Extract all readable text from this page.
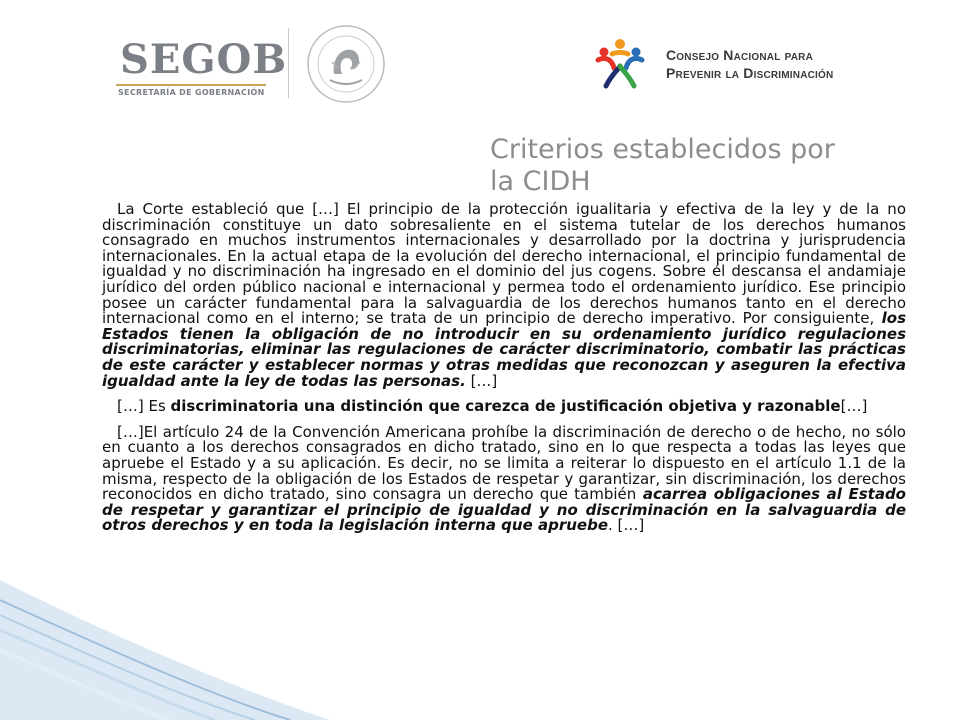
SEGOB
SECRETARÍA DE GOBERNACIÓN
Consejo Nacional para
Prevenir la Discriminación
Criterios establecidos por
la CIDH

La Corte estableció que […] El principio de la protección igualitaria y efectiva de la ley y de la no discriminación constituye un dato sobresaliente en el sistema tutelar de los derechos humanos consagrado en muchos instrumentos internacionales y desarrollado por la doctrina y jurisprudencia internacionales. En la actual etapa de la evolución del derecho internacional, el principio fundamental de igualdad y no discriminación ha ingresado en el dominio del jus cogens. Sobre él descansa el andamiaje jurídico del orden público nacional e internacional y permea todo el ordenamiento jurídico. Ese principio posee un carácter fundamental para la salvaguardia de los derechos humanos tanto en el derecho internacional como en el interno; se trata de un principio de derecho imperativo. Por consiguiente, los Estados tienen la obligación de no introducir en su ordenamiento jurídico regulaciones discriminatorias, eliminar las regulaciones de carácter discriminatorio, combatir las prácticas de este carácter y establecer normas y otras medidas que reconozcan y aseguren la efectiva igualdad ante la ley de todas las personas. […]

[…] Es discriminatoria una distinción que carezca de justificación objetiva y razonable[…]

[…]El artículo 24 de la Convención Americana prohíbe la discriminación de derecho o de hecho, no sólo en cuanto a los derechos consagrados en dicho tratado, sino en lo que respecta a todas las leyes que apruebe el Estado y a su aplicación. Es decir, no se limita a reiterar lo dispuesto en el artículo 1.1 de la misma, respecto de la obligación de los Estados de respetar y garantizar, sin discriminación, los derechos reconocidos en dicho tratado, sino consagra un derecho que también acarrea obligaciones al Estado de respetar y garantizar el principio de igualdad y no discriminación en la salvaguardia de otros derechos y en toda la legislación interna que apruebe. […]
